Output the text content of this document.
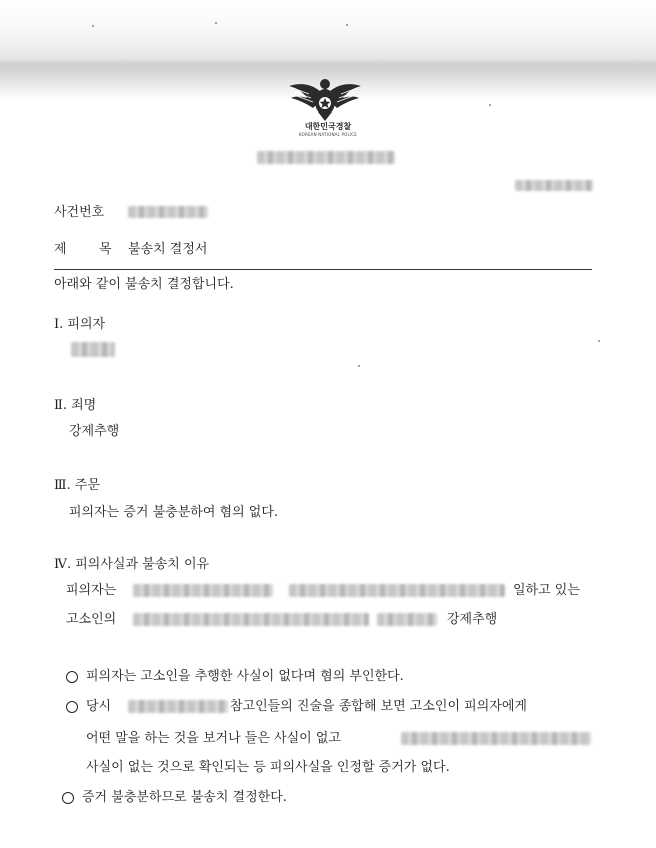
대한민국경찰
KOREAN NATIONAL POLICE
사건번호
제 목 불송치 결정서
아래와 같이 불송치 결정합니다.
Ⅰ. 피의자
Ⅱ. 죄명
강제추행
Ⅲ. 주문
피의자는 증거 불충분하여 혐의 없다.
Ⅳ. 피의사실과 불송치 이유
피의자는	일하고 있는
고소인의	강제추행
피의자는 고소인을 추행한 사실이 없다며 혐의 부인한다.
당시	참고인들의 진술을 종합해 보면 고소인이 피의자에게
어떤 말을 하는 것을 보거나 들은 사실이 없고
사실이 없는 것으로 확인되는 등 피의사실을 인정할 증거가 없다.
증거 불충분하므로 불송치 결정한다.
